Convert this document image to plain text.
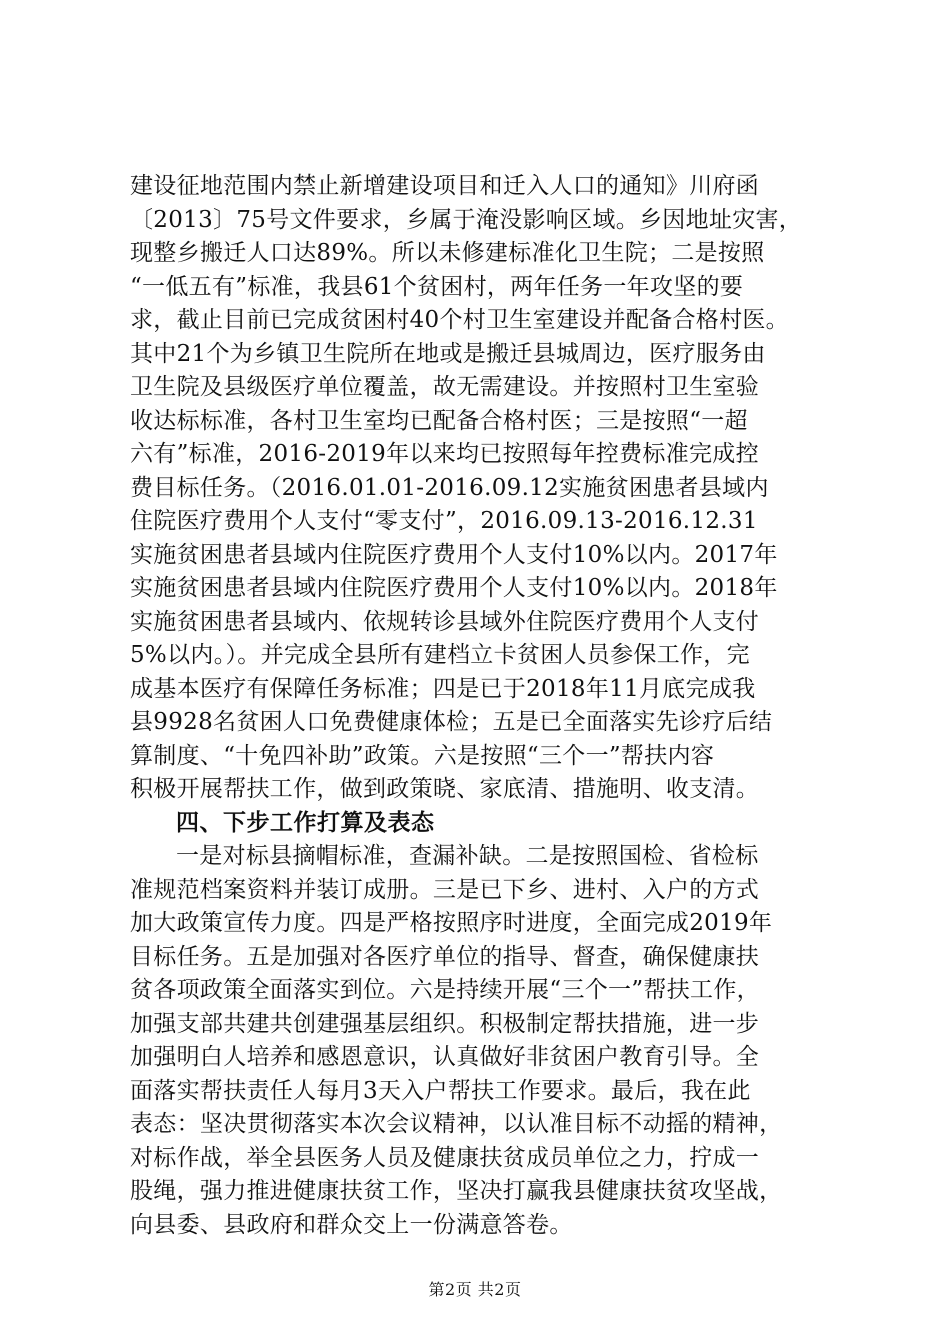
建设征地范围内禁止新增建设项目和迁入人口的通知》川府函
〔2013〕75号文件要求，乡属于淹没影响区域。乡因地址灾害，
现整乡搬迁人口达89%。所以未修建标准化卫生院；二是按照
“一低五有”标准，我县61个贫困村，两年任务一年攻坚的要
求，截止目前已完成贫困村40个村卫生室建设并配备合格村医。
其中21个为乡镇卫生院所在地或是搬迁县城周边，医疗服务由
卫生院及县级医疗单位覆盖，故无需建设。并按照村卫生室验
收达标标准，各村卫生室均已配备合格村医；三是按照“一超
六有”标准，2016-2019年以来均已按照每年控费标准完成控
费目标任务。（2016.01.01-2016.09.12实施贫困患者县域内
住院医疗费用个人支付“零支付”，2016.09.13-2016.12.31
实施贫困患者县域内住院医疗费用个人支付10%以内。2017年
实施贫困患者县域内住院医疗费用个人支付10%以内。2018年
实施贫困患者县域内、依规转诊县域外住院医疗费用个人支付
5%以内。）。并完成全县所有建档立卡贫困人员参保工作，完
成基本医疗有保障任务标准；四是已于2018年11月底完成我
县9928名贫困人口免费健康体检；五是已全面落实先诊疗后结
算制度、“十免四补助”政策。六是按照“三个一”帮扶内容
积极开展帮扶工作，做到政策晓、家底清、措施明、收支清。
四、下步工作打算及表态
一是对标县摘帽标准，查漏补缺。二是按照国检、省检标
准规范档案资料并装订成册。三是已下乡、进村、入户的方式
加大政策宣传力度。四是严格按照序时进度，全面完成2019年
目标任务。五是加强对各医疗单位的指导、督查，确保健康扶
贫各项政策全面落实到位。六是持续开展“三个一”帮扶工作，
加强支部共建共创建强基层组织。积极制定帮扶措施，进一步
加强明白人培养和感恩意识，认真做好非贫困户教育引导。全
面落实帮扶责任人每月3天入户帮扶工作要求。最后，我在此
表态：坚决贯彻落实本次会议精神，以认准目标不动摇的精神，
对标作战，举全县医务人员及健康扶贫成员单位之力，拧成一
股绳，强力推进健康扶贫工作，坚决打赢我县健康扶贫攻坚战，
向县委、县政府和群众交上一份满意答卷。
第2页 共2页
